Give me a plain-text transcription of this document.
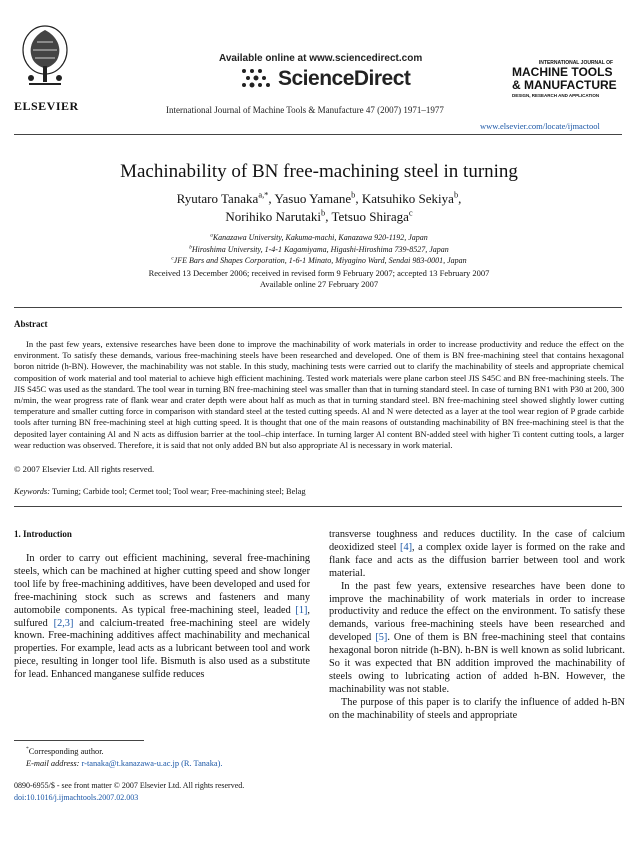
ELSEVIER
Available online at www.sciencedirect.com
ScienceDirect
International Journal of Machine Tools & Manufacture 47 (2007) 1971–1977
INTERNATIONAL JOURNAL OF
MACHINE TOOLS
& MANUFACTURE
DESIGN, RESEARCH AND APPLICATION
www.elsevier.com/locate/ijmactool
Machinability of BN free-machining steel in turning
Ryutaro Tanaka$^{a,*}$, Yasuo Yamane$^b$, Katsuhiko Sekiya$^b$,
Norihiko Narutaki$^b$, Tetsuo Shiraga$^c$
$^a$Kanazawa University, Kakuma-machi, Kanazawa 920-1192, Japan
$^b$Hiroshima University, 1-4-1 Kagamiyama, Higashi-Hiroshima 739-8527, Japan
$^c$JFE Bars and Shapes Corporation, 1-6-1 Minato, Miyagino Ward, Sendai 983-0001, Japan
Received 13 December 2006; received in revised form 9 February 2007; accepted 13 February 2007
Available online 27 February 2007
Abstract
In the past few years, extensive researches have been done to improve the machinability of work materials in order to increase productivity and reduce the effect on the environment. To satisfy these demands, various free-machining steels have been researched and developed. One of them is BN free-machining steel that contains hexagonal boron nitride (h-BN). However, the machinability was not stable. In this study, machining tests were carried out to clarify the machinability of steels and appropriate chemical composition of work material and tool material to achieve high efficient machining. Tested work materials were plane carbon steel JIS S45C and BN free-machining steels. The JIS S45C was used as the standard. The tool wear in turning BN free-machining steel was smaller than that in turning standard steel. In case of turning BN1 with P30 at 200, 300 m/min, the wear progress rate of flank wear and crater depth were about half as much as that in turning standard steel. BN free-machining steel showed slightly lower cutting temperature and smaller cutting force in comparison with standard steel at the tested cutting speeds. Al and N were detected as a layer at the tool wear region of P grade carbide tools after turning BN free-machining steel at high cutting speed. It is thought that one of the main reasons of outstanding machinability of BN free-machining steel is that the deposited layer containing Al and N acts as diffusion barrier at the tool–chip interface. In turning larger Al content BN-added steel with higher Ti content cutting tools, a larger wear reduction was observed. Therefore, it is said that not only added BN but also appropriate Al is necessary in work material.
© 2007 Elsevier Ltd. All rights reserved.
Keywords: Turning; Carbide tool; Cermet tool; Tool wear; Free-machining steel; Belag
1. Introduction

In order to carry out efficient machining, several free-machining steels, which can be machined at higher cutting speed and show longer tool life by free-machining additives, have been developed and used for free-machining stock such as screws and fasteners and many automobile components. As typical free-machining steel, leaded [1], sulfured [2,3] and calcium-treated free-machining steel are widely known. Free-machining additives affect machinability and mechanical properties. For example, lead acts as a lubricant between tool and work piece, resulting in longer tool life. Bismuth is also used as a substitute for lead. Enhanced manganese sulfide reduces

transverse toughness and reduces ductility. In the case of calcium deoxidized steel [4], a complex oxide layer is formed on the rake and flank face and acts as the diffusion barrier between tool and work material.

In the past few years, extensive researches have been done to improve the machinability of work materials in order to increase productivity and reduce the effect on the environment. To satisfy these demands, various free-machining steels have been researched and developed [5]. One of them is BN free-machining steel that contains hexagonal boron nitride (h-BN). h-BN is well known as solid lubricant. So it was expected that BN addition improved the machinability of steels owing to lubricating action of added h-BN. However, the machinability was not stable.

The purpose of this paper is to clarify the influence of added h-BN on the machinability of steels and appropriate

*Corresponding author.
E-mail address: r-tanaka@t.kanazawa-u.ac.jp (R. Tanaka).
0890-6955/$ - see front matter © 2007 Elsevier Ltd. All rights reserved.
doi:10.1016/j.ijmachtools.2007.02.003
